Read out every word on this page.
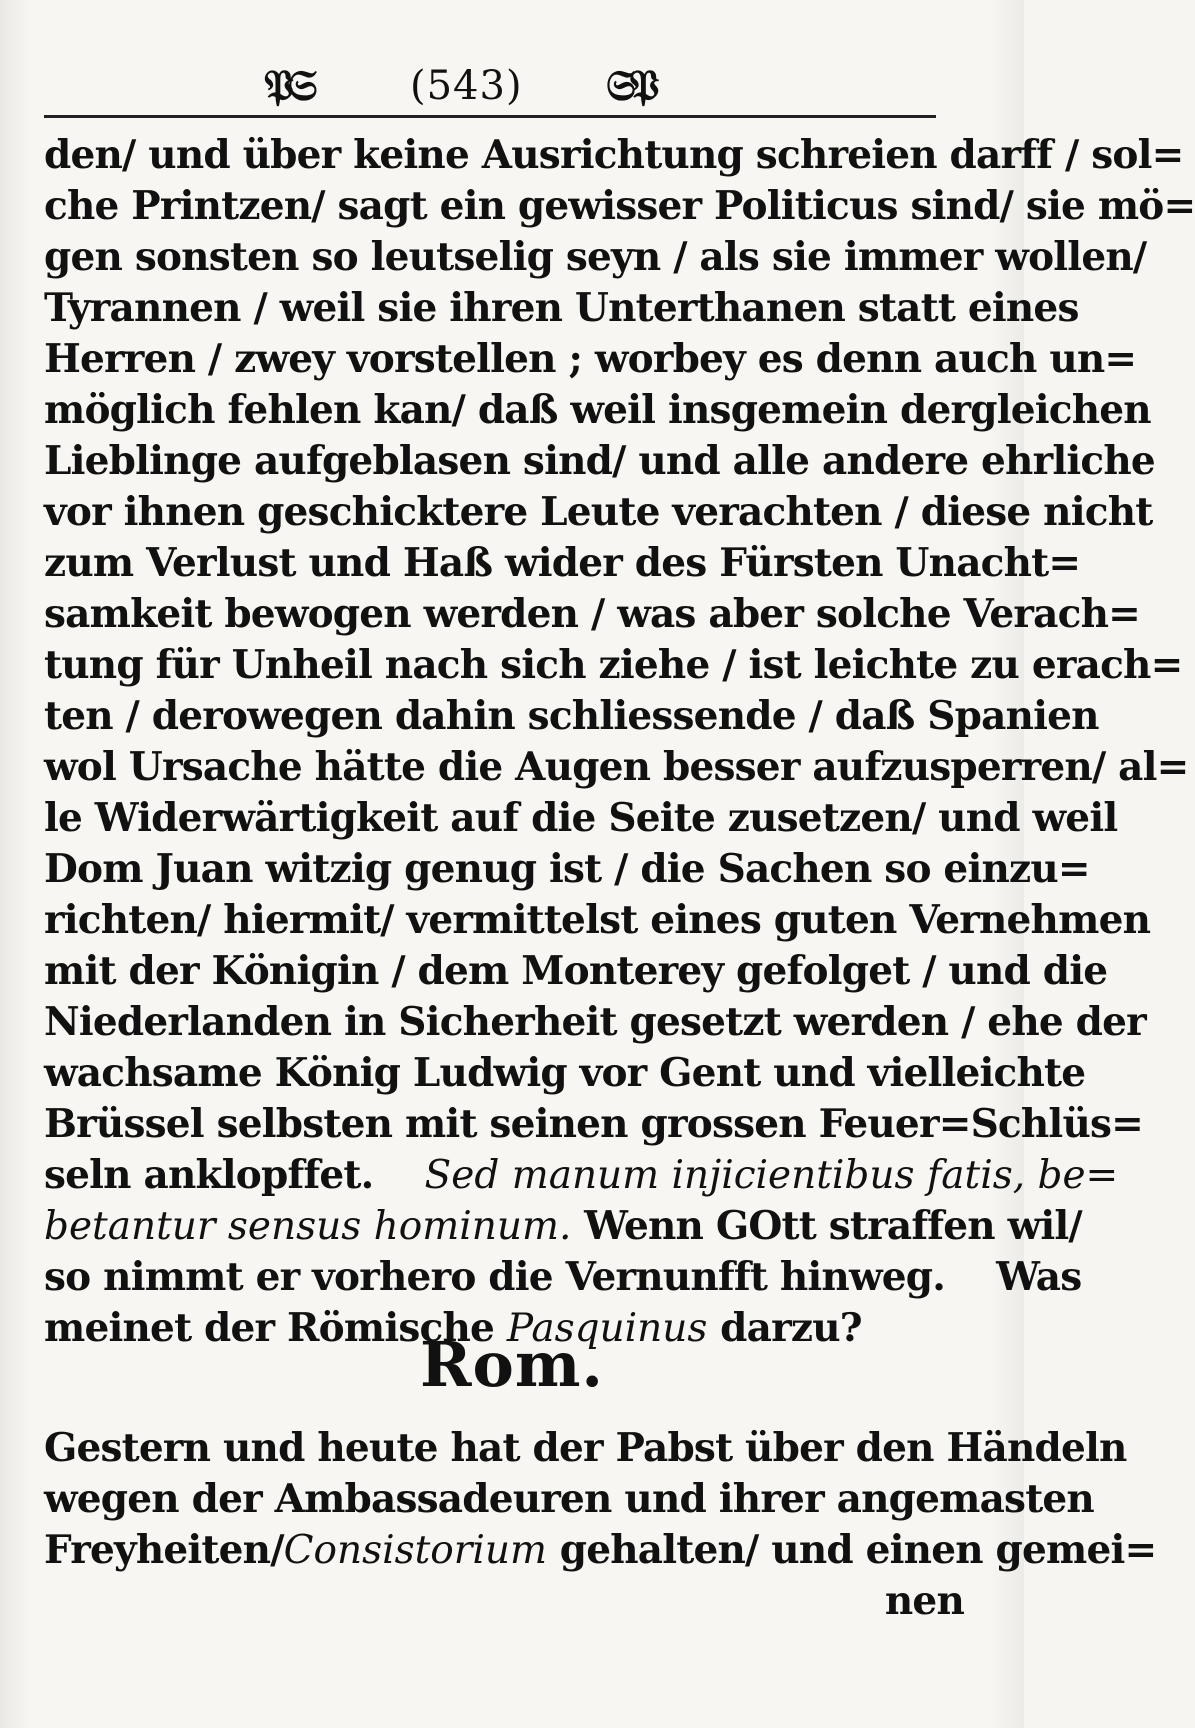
𝔓𝔖 (543) 𝔖𝔓
den/ und über keine Ausrichtung schreien darff / sol=
che Printzen/ sagt ein gewisser Politicus sind/ sie mö=
gen sonsten so leutselig seyn / als sie immer wollen/
Tyrannen / weil sie ihren Unterthanen statt eines
Herren / zwey vorstellen ; worbey es denn auch un=
möglich fehlen kan/ daß weil insgemein dergleichen
Lieblinge aufgeblasen sind/ und alle andere ehrliche
vor ihnen geschicktere Leute verachten / diese nicht
zum Verlust und Haß wider des Fürsten Unacht=
samkeit bewogen werden / was aber solche Verach=
tung für Unheil nach sich ziehe / ist leichte zu erach=
ten / derowegen dahin schliessende / daß Spanien
wol Ursache hätte die Augen besser aufzusperren/ al=
le Widerwärtigkeit auf die Seite zusetzen/ und weil
Dom Juan witzig genug ist / die Sachen so einzu=
richten/ hiermit/ vermittelst eines guten Vernehmen
mit der Königin / dem Monterey gefolget / und die
Niederlanden in Sicherheit gesetzt werden / ehe der
wachsame König Ludwig vor Gent und vielleichte
Brüssel selbsten mit seinen grossen Feuer=Schlüs=
seln anklopffet. Sed manum injicientibus fatis, be=
betantur sensus hominum. Wenn GOtt straffen wil/
so nimmt er vorhero die Vernunfft hinweg. Was
meinet der Römische Pasquinus darzu?
Rom.
Gestern und heute hat der Pabst über den Händeln
wegen der Ambassadeuren und ihrer angemasten
Freyheiten/Consistorium gehalten/ und einen gemei=
nen
